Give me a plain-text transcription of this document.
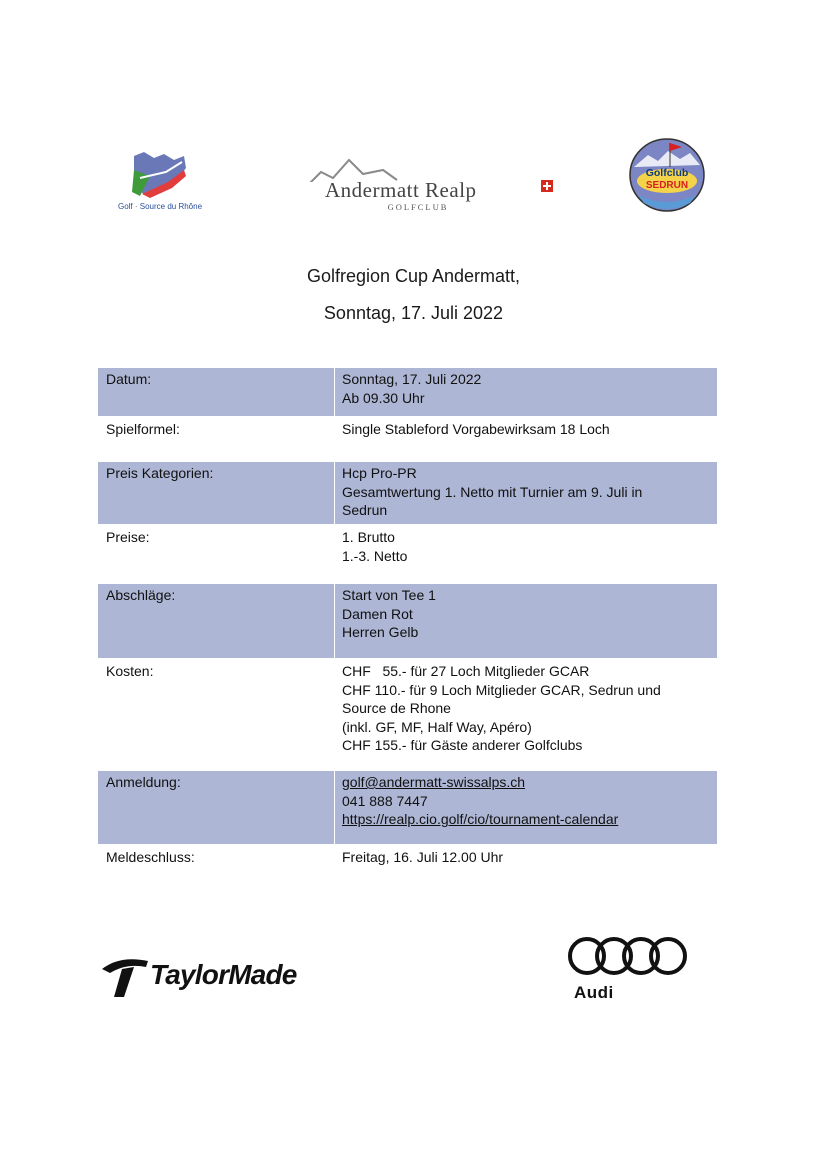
Golf · Source du Rhône
Andermatt Realp
GOLFCLUB
Golfclub
SEDRUN
Golfregion Cup Andermatt,
Sonntag, 17. Juli 2022
Datum:	Sonntag, 17. Juli 2022
Ab 09.30 Uhr
Spielformel:	Single Stableford Vorgabewirksam 18 Loch
Preis Kategorien:	Hcp Pro-PR
Gesamtwertung 1. Netto mit Turnier am 9. Juli in
Sedrun
Preise:	1. Brutto
1.-3. Netto
Abschläge:	Start von Tee 1
Damen Rot
Herren Gelb
Kosten:	CHF   55.- für 27 Loch Mitglieder GCAR
CHF 110.- für 9 Loch Mitglieder GCAR, Sedrun und
Source de Rhone
(inkl. GF, MF, Half Way, Apéro)
CHF 155.- für Gäste anderer Golfclubs
Anmeldung:	golf@andermatt-swissalps.ch
041 888 7447
https://realp.cio.golf/cio/tournament-calendar
Meldeschluss:	Freitag, 16. Juli 12.00 Uhr
TaylorMade
Audi
